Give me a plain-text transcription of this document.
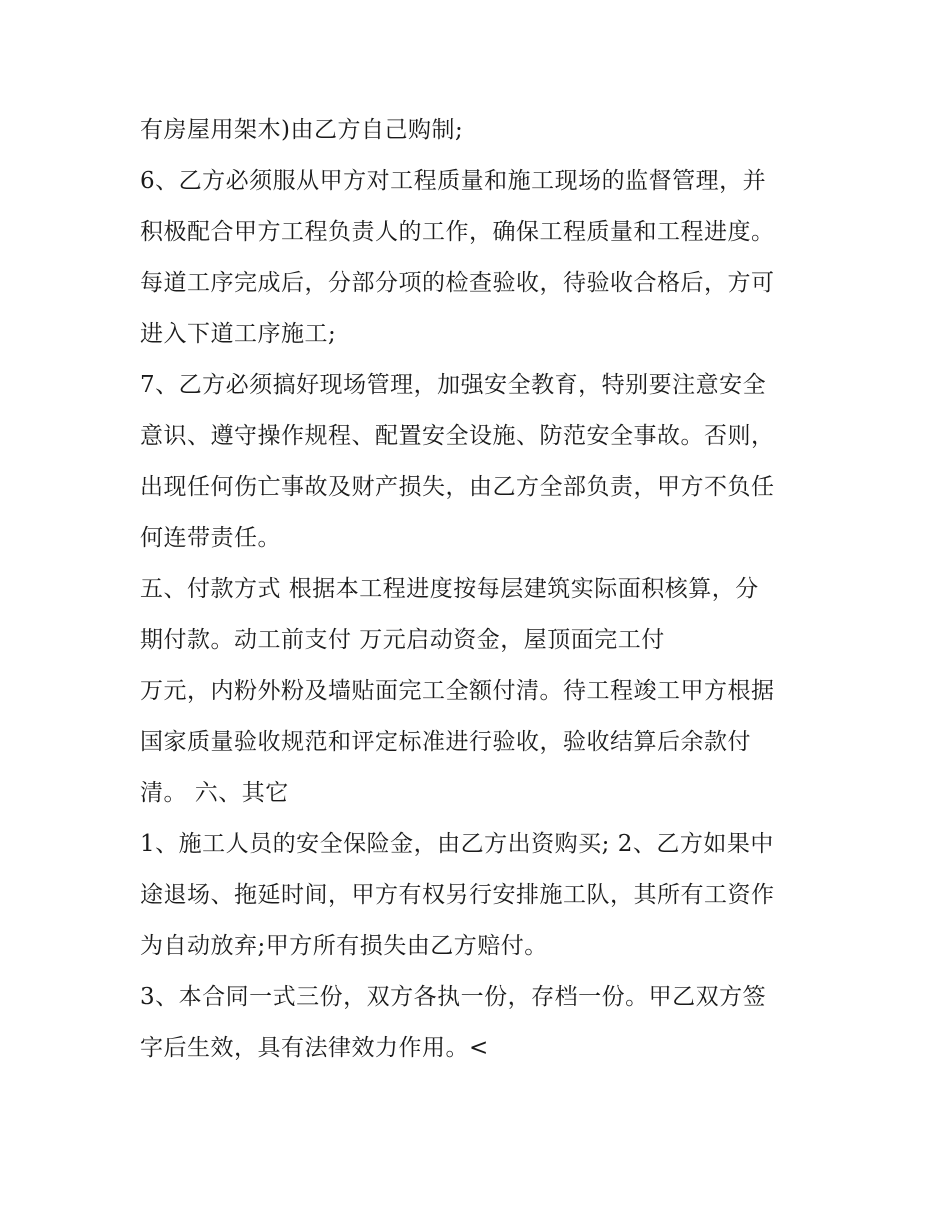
有房屋用架木)由乙方自己购制;
6、乙方必须服从甲方对工程质量和施工现场的监督管理，并
积极配合甲方工程负责人的工作，确保工程质量和工程进度。
每道工序完成后，分部分项的检查验收，待验收合格后，方可
进入下道工序施工;
7、乙方必须搞好现场管理，加强安全教育，特别要注意安全
意识、遵守操作规程、配置安全设施、防范安全事故。否则，
出现任何伤亡事故及财产损失，由乙方全部负责，甲方不负任
何连带责任。
五、付款方式 根据本工程进度按每层建筑实际面积核算，分
期付款。动工前支付 万元启动资金，屋顶面完工付
万元，内粉外粉及墙贴面完工全额付清。待工程竣工甲方根据
国家质量验收规范和评定标准进行验收，验收结算后余款付
清。 六、其它
1、施工人员的安全保险金，由乙方出资购买; 2、乙方如果中
途退场、拖延时间，甲方有权另行安排施工队，其所有工资作
为自动放弃;甲方所有损失由乙方赔付。
3、本合同一式三份，双方各执一份，存档一份。甲乙双方签
字后生效，具有法律效力作用。<
